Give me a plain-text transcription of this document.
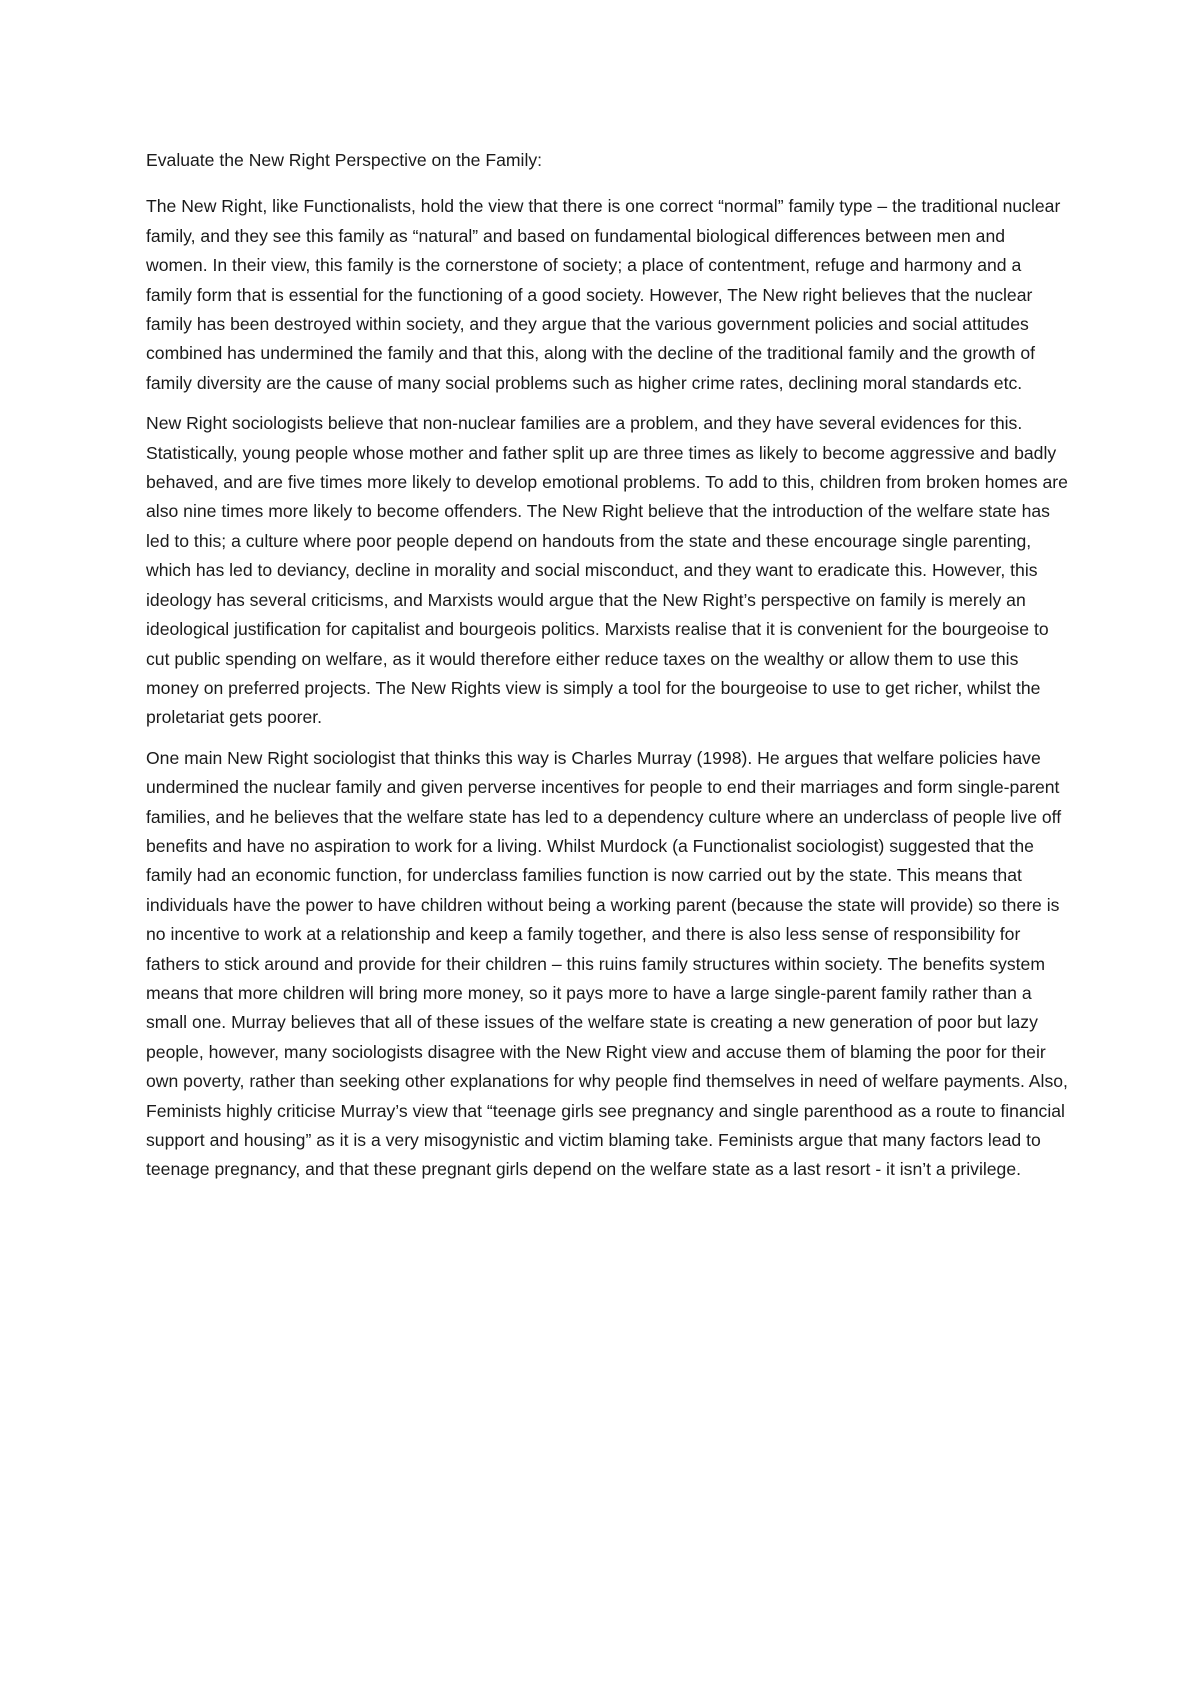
Evaluate the New Right Perspective on the Family:

The New Right, like Functionalists, hold the view that there is one correct “normal” family type – the traditional nuclear family, and they see this family as “natural” and based on fundamental biological differences between men and women. In their view, this family is the cornerstone of society; a place of contentment, refuge and harmony and a family form that is essential for the functioning of a good society. However, The New right believes that the nuclear family has been destroyed within society, and they argue that the various government policies and social attitudes combined has undermined the family and that this, along with the decline of the traditional family and the growth of family diversity are the cause of many social problems such as higher crime rates, declining moral standards etc.

New Right sociologists believe that non-nuclear families are a problem, and they have several evidences for this. Statistically, young people whose mother and father split up are three times as likely to become aggressive and badly behaved, and are five times more likely to develop emotional problems. To add to this, children from broken homes are also nine times more likely to become offenders. The New Right believe that the introduction of the welfare state has led to this; a culture where poor people depend on handouts from the state and these encourage single parenting, which has led to deviancy, decline in morality and social misconduct, and they want to eradicate this. However, this ideology has several criticisms, and Marxists would argue that the New Right’s perspective on family is merely an ideological justification for capitalist and bourgeois politics. Marxists realise that it is convenient for the bourgeoise to cut public spending on welfare, as it would therefore either reduce taxes on the wealthy or allow them to use this money on preferred projects. The New Rights view is simply a tool for the bourgeoise to use to get richer, whilst the proletariat gets poorer.

One main New Right sociologist that thinks this way is Charles Murray (1998). He argues that welfare policies have undermined the nuclear family and given perverse incentives for people to end their marriages and form single-parent families, and he believes that the welfare state has led to a dependency culture where an underclass of people live off benefits and have no aspiration to work for a living. Whilst Murdock (a Functionalist sociologist) suggested that the family had an economic function, for underclass families function is now carried out by the state. This means that individuals have the power to have children without being a working parent (because the state will provide) so there is no incentive to work at a relationship and keep a family together, and there is also less sense of responsibility for fathers to stick around and provide for their children – this ruins family structures within society. The benefits system means that more children will bring more money, so it pays more to have a large single-parent family rather than a small one. Murray believes that all of these issues of the welfare state is creating a new generation of poor but lazy people, however, many sociologists disagree with the New Right view and accuse them of blaming the poor for their own poverty, rather than seeking other explanations for why people find themselves in need of welfare payments. Also, Feminists highly criticise Murray’s view that “teenage girls see pregnancy and single parenthood as a route to financial support and housing” as it is a very misogynistic and victim blaming take. Feminists argue that many factors lead to teenage pregnancy, and that these pregnant girls depend on the welfare state as a last resort - it isn’t a privilege.
